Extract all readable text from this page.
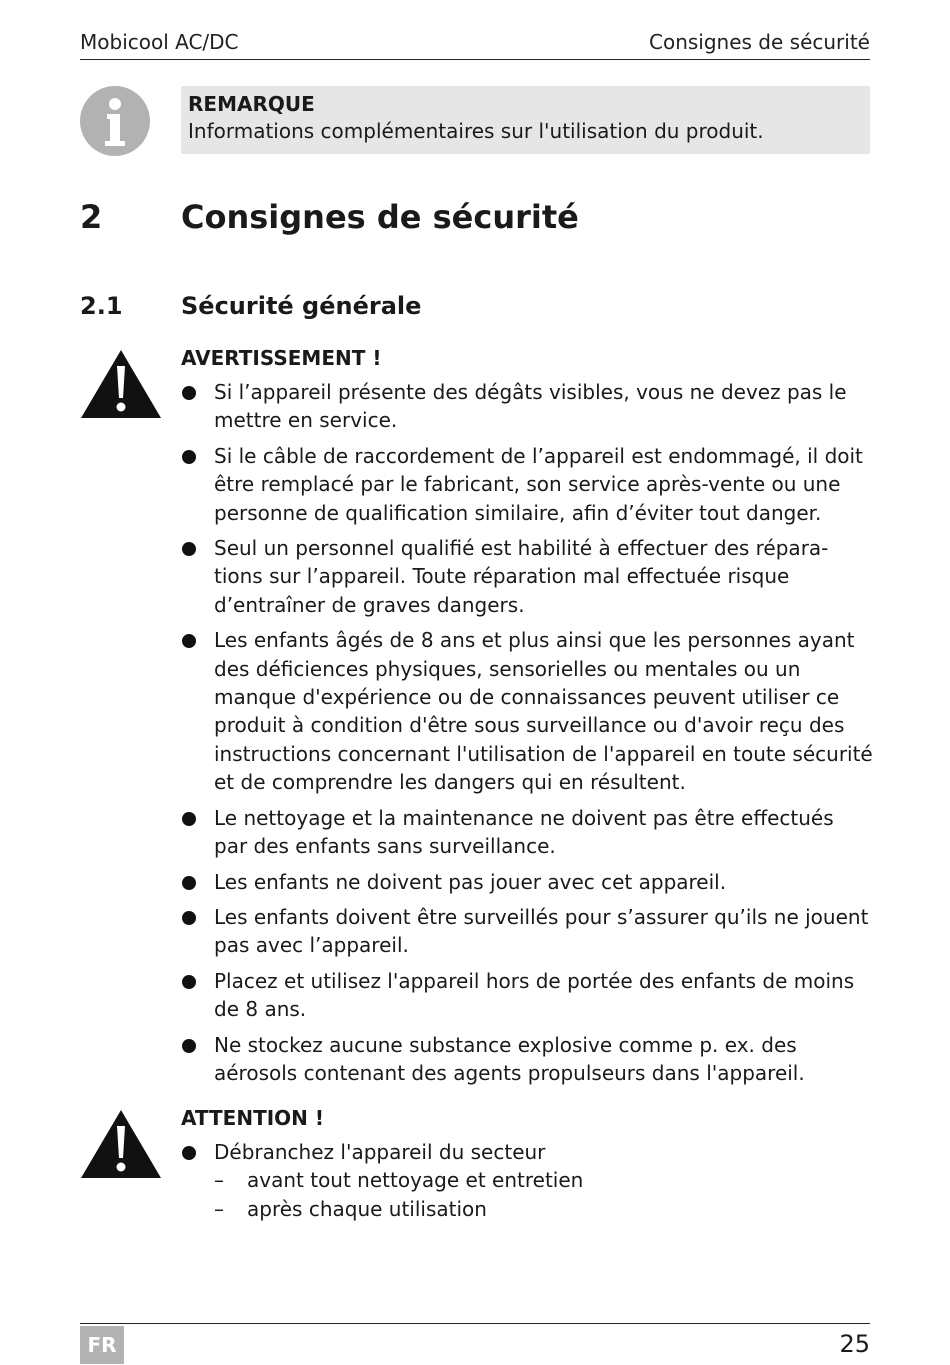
Mobicool AC/DC	Consignes de sécurité
REMARQUE
Informations complémentaires sur l'utilisation du produit.
2 Consignes de sécurité
2.1 Sécurité générale
AVERTISSEMENT !
Si l’appareil présente des dégâts visibles, vous ne devez pas le mettre en service.
Si le câble de raccordement de l’appareil est endommagé, il doit être remplacé par le fabricant, son service après-vente ou une personne de qualification similaire, afin d’éviter tout danger.
Seul un personnel qualifié est habilité à effectuer des répara-tions sur l’appareil. Toute réparation mal effectuée risque d’entraîner de graves dangers.
Les enfants âgés de 8 ans et plus ainsi que les personnes ayant des déficiences physiques, sensorielles ou mentales ou un manque d'expérience ou de connaissances peuvent utiliser ce produit à condition d'être sous surveillance ou d'avoir reçu des instructions concernant l'utilisation de l'appareil en toute sécurité et de comprendre les dangers qui en résultent.
Le nettoyage et la maintenance ne doivent pas être effectués par des enfants sans surveillance.
Les enfants ne doivent pas jouer avec cet appareil.
Les enfants doivent être surveillés pour s’assurer qu’ils ne jouent pas avec l’appareil.
Placez et utilisez l'appareil hors de portée des enfants de moins de 8 ans.
Ne stockez aucune substance explosive comme p. ex. des aérosols contenant des agents propulseurs dans l'appareil.
ATTENTION !
Débranchez l'appareil du secteur
– avant tout nettoyage et entretien
– après chaque utilisation
FR	25
